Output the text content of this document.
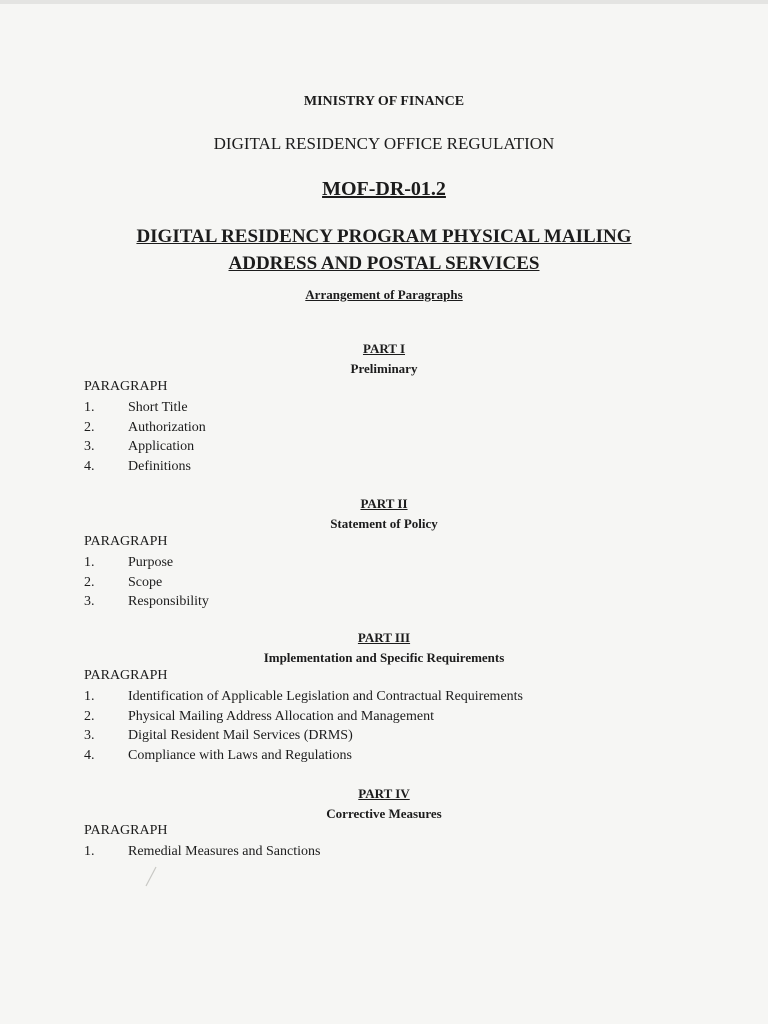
MINISTRY OF FINANCE
DIGITAL RESIDENCY OFFICE REGULATION
MOF-DR-01.2
DIGITAL RESIDENCY PROGRAM PHYSICAL MAILING
ADDRESS AND POSTAL SERVICES
Arrangement of Paragraphs
PART I
Preliminary
PARAGRAPH
1. Short Title
2. Authorization
3. Application
4. Definitions
PART II
Statement of Policy
PARAGRAPH
1. Purpose
2. Scope
3. Responsibility
PART III
Implementation and Specific Requirements
PARAGRAPH
1. Identification of Applicable Legislation and Contractual Requirements
2. Physical Mailing Address Allocation and Management
3. Digital Resident Mail Services (DRMS)
4. Compliance with Laws and Regulations
PART IV
Corrective Measures
PARAGRAPH
1. Remedial Measures and Sanctions
